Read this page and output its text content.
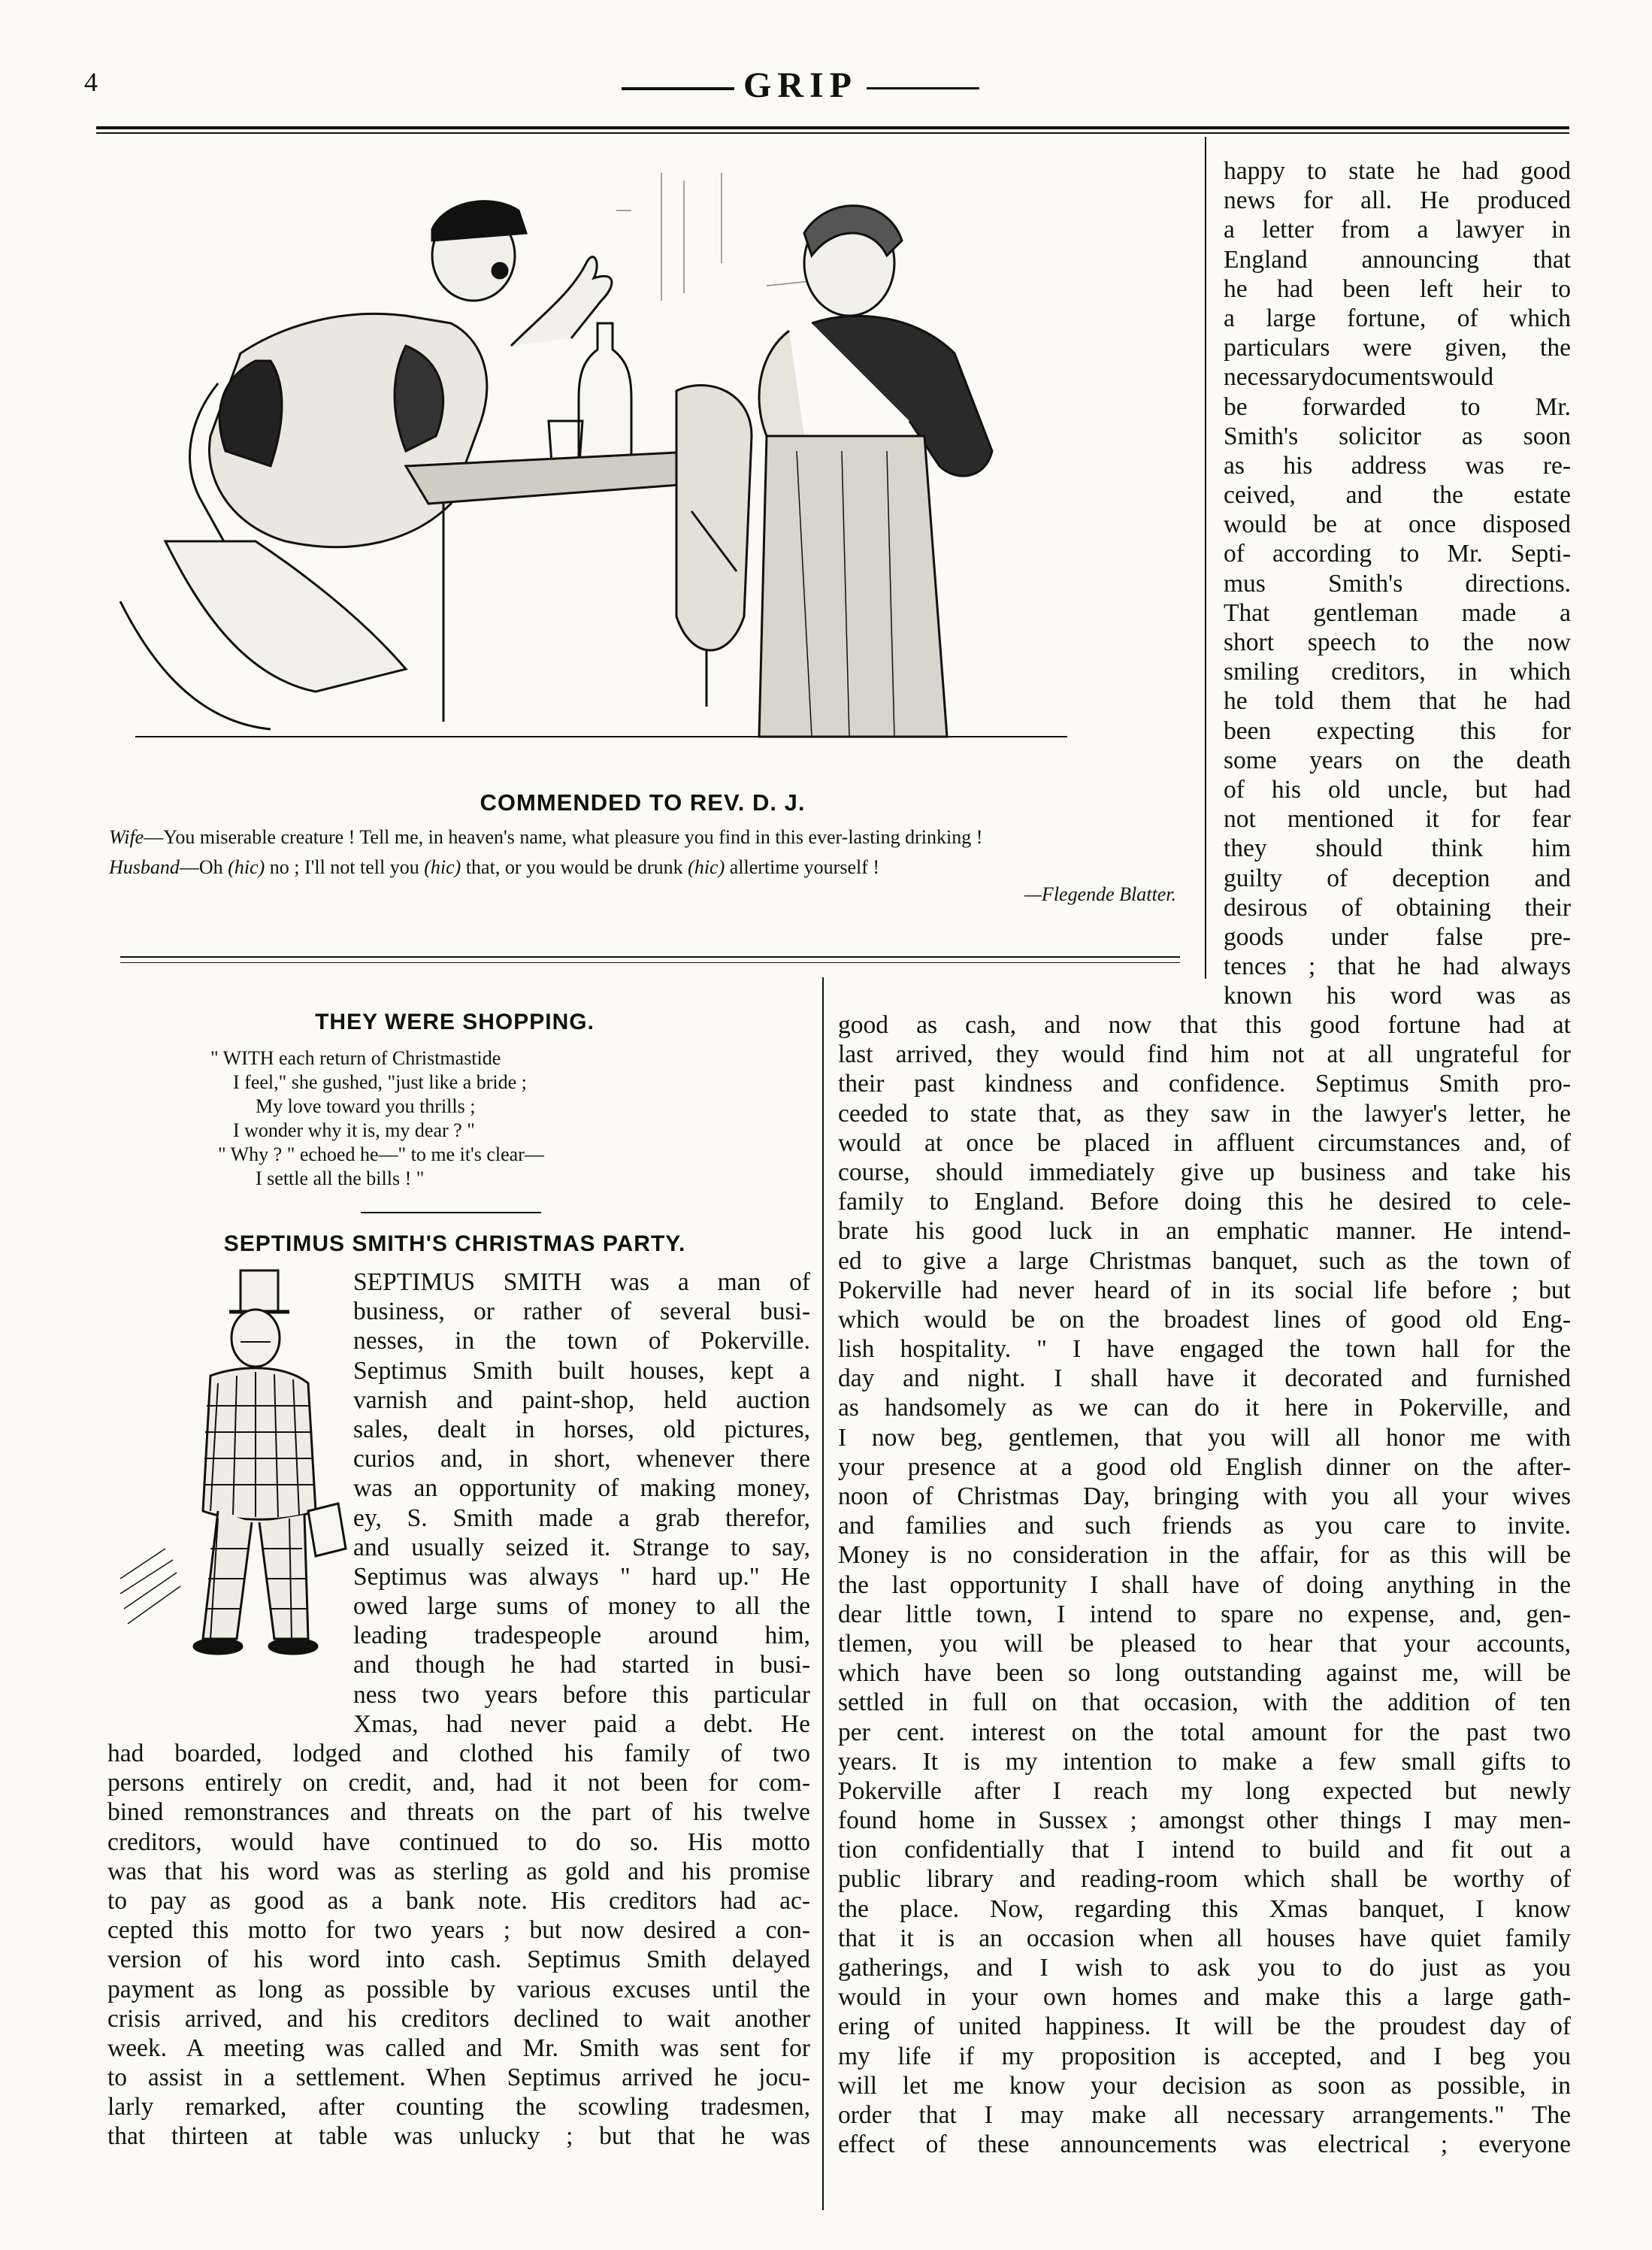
4	GRIP
COMMENDED TO REV. D. J.
Wife—You miserable creature ! Tell me, in heaven's name, what pleasure you find in this ever-lasting drinking !
Husband—Oh (hic) no ; I'll not tell you (hic) that, or you would be drunk (hic) allertime yourself !
—Flegende Blatter.
happy to state he had good
news for all. He produced
a letter from a lawyer in
England announcing that
he had been left heir to
a large fortune, of which
particulars were given, the
necessarydocumentswould
be forwarded to Mr.
Smith's solicitor as soon
as his address was re-
ceived, and the estate
would be at once disposed
of according to Mr. Septi-
mus Smith's directions.
That gentleman made a
short speech to the now
smiling creditors, in which
he told them that he had
been expecting this for
some years on the death
of his old uncle, but had
not mentioned it for fear
they should think him
guilty of deception and
desirous of obtaining their
goods under false pre-
tences ; that he had always
known his word was as
THEY WERE SHOPPING.
" WITH each return of Christmastide
I feel," she gushed, "just like a bride ;
My love toward you thrills ;
I wonder why it is, my dear ? "
" Why ? " echoed he—" to me it's clear—
I settle all the bills ! "
SEPTIMUS SMITH'S CHRISTMAS PARTY.
SEPTIMUS SMITH was a man of
business, or rather of several busi-
nesses, in the town of Pokerville.
Septimus Smith built houses, kept a
varnish and paint-shop, held auction
sales, dealt in horses, old pictures,
curios and, in short, whenever there
was an opportunity of making money,
ey, S. Smith made a grab therefor,
and usually seized it. Strange to say,
Septimus was always " hard up." He
owed large sums of money to all the
leading tradespeople around him,
and though he had started in busi-
ness two years before this particular
Xmas, had never paid a debt. He
had boarded, lodged and clothed his family of two
persons entirely on credit, and, had it not been for com-
bined remonstrances and threats on the part of his twelve
creditors, would have continued to do so. His motto
was that his word was as sterling as gold and his promise
to pay as good as a bank note. His creditors had ac-
cepted this motto for two years ; but now desired a con-
version of his word into cash. Septimus Smith delayed
payment as long as possible by various excuses until the
crisis arrived, and his creditors declined to wait another
week. A meeting was called and Mr. Smith was sent for
to assist in a settlement. When Septimus arrived he jocu-
larly remarked, after counting the scowling tradesmen,
that thirteen at table was unlucky ; but that he was
good as cash, and now that this good fortune had at
last arrived, they would find him not at all ungrateful for
their past kindness and confidence. Septimus Smith pro-
ceeded to state that, as they saw in the lawyer's letter, he
would at once be placed in affluent circumstances and, of
course, should immediately give up business and take his
family to England. Before doing this he desired to cele-
brate his good luck in an emphatic manner. He intend-
ed to give a large Christmas banquet, such as the town of
Pokerville had never heard of in its social life before ; but
which would be on the broadest lines of good old Eng-
lish hospitality. " I have engaged the town hall for the
day and night. I shall have it decorated and furnished
as handsomely as we can do it here in Pokerville, and
I now beg, gentlemen, that you will all honor me with
your presence at a good old English dinner on the after-
noon of Christmas Day, bringing with you all your wives
and families and such friends as you care to invite.
Money is no consideration in the affair, for as this will be
the last opportunity I shall have of doing anything in the
dear little town, I intend to spare no expense, and, gen-
tlemen, you will be pleased to hear that your accounts,
which have been so long outstanding against me, will be
settled in full on that occasion, with the addition of ten
per cent. interest on the total amount for the past two
years. It is my intention to make a few small gifts to
Pokerville after I reach my long expected but newly
found home in Sussex ; amongst other things I may men-
tion confidentially that I intend to build and fit out a
public library and reading-room which shall be worthy of
the place. Now, regarding this Xmas banquet, I know
that it is an occasion when all houses have quiet family
gatherings, and I wish to ask you to do just as you
would in your own homes and make this a large gath-
ering of united happiness. It will be the proudest day of
my life if my proposition is accepted, and I beg you
will let me know your decision as soon as possible, in
order that I may make all necessary arrangements." The
effect of these announcements was electrical ; everyone
